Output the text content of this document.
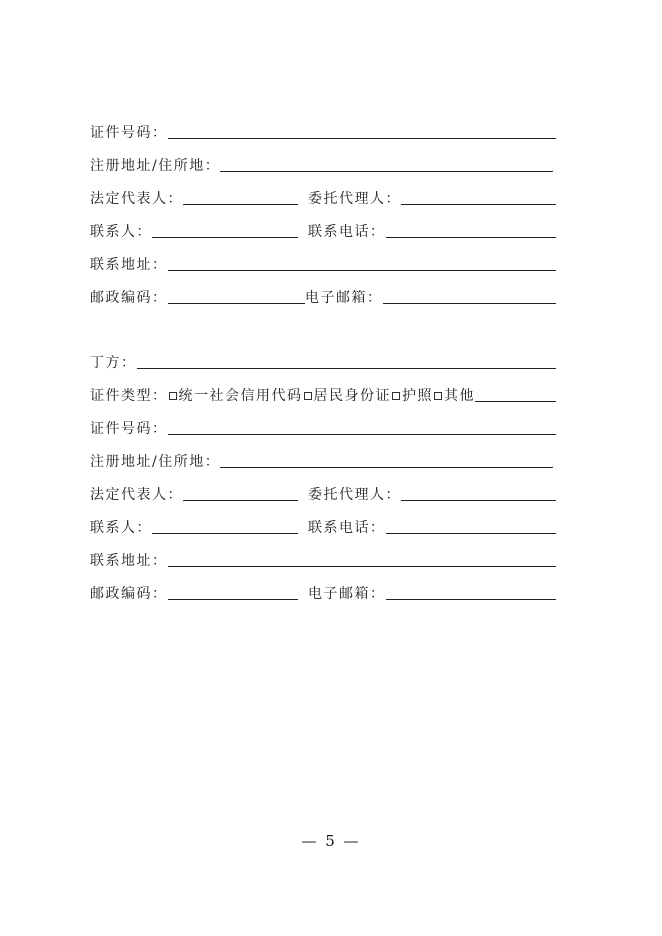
证件号码：
注册地址/住所地：
法定代表人：	委托代理人：
联系人：	联系电话：
联系地址：
邮政编码：	电子邮箱：
丁方：
证件类型： 统一社会信用代码 居民身份证 护照 其他
证件号码：
注册地址/住所地：
法定代表人：	委托代理人：
联系人：	联系电话：
联系地址：
邮政编码：	电子邮箱：
— 5 —
